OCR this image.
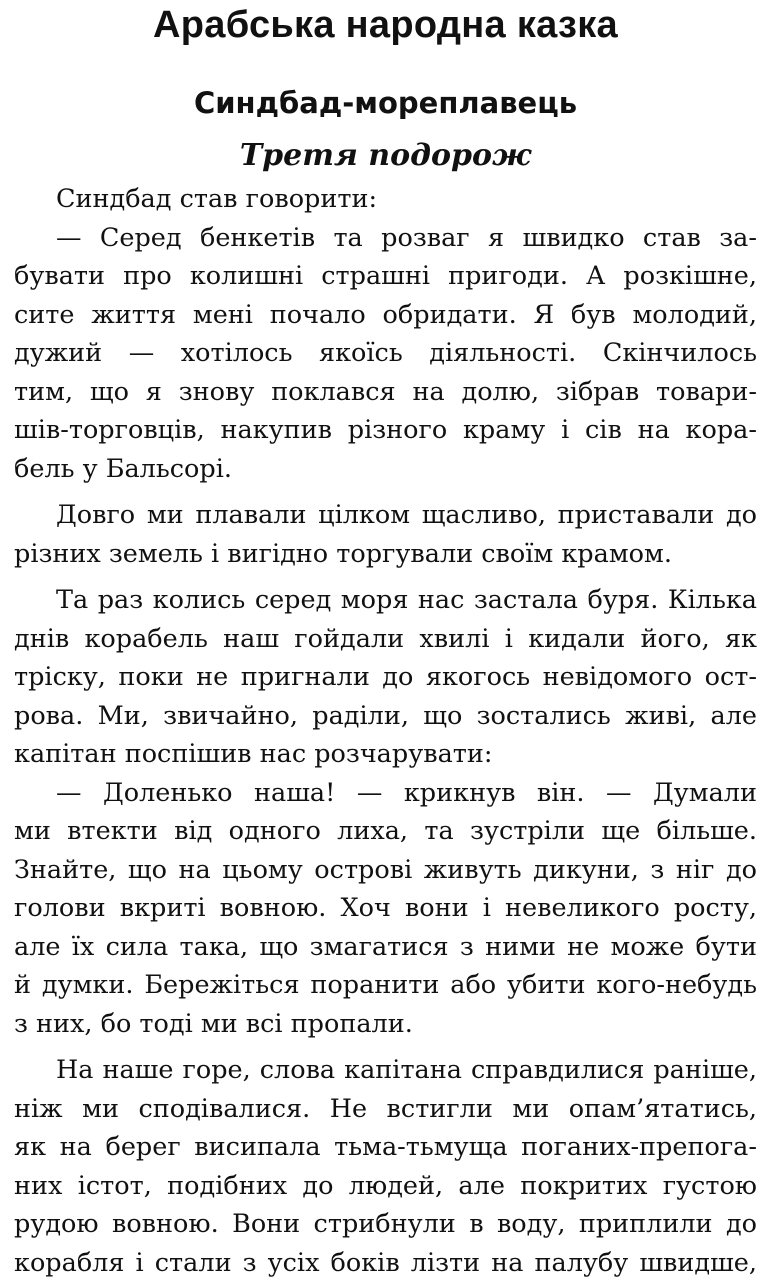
Арабська народна казка
Синдбад-мореплавець
Третя подорож
Синдбад став говорити:
— Серед бенкетів та розваг я швидко став за-
бувати про колишні страшні пригоди. А розкішне,
сите життя мені почало обридати. Я був молодий,
дужий — хотілось якоїсь діяльності. Скінчилось
тим, що я знову поклався на долю, зібрав товари-
шів-торговців, накупив різного краму і сів на кора-
бель у Бальсорі.
Довго ми плавали цілком щасливо, приставали до
різних земель і вигідно торгували своїм крамом.
Та раз колись серед моря нас застала буря. Кілька
днів корабель наш гойдали хвилі і кидали його, як
тріску, поки не пригнали до якогось невідомого ост-
рова. Ми, звичайно, раділи, що зостались живі, але
капітан поспішив нас розчарувати:
— Доленько наша! — крикнув він. — Думали
ми втекти від одного лиха, та зустріли ще більше.
Знайте, що на цьому острові живуть дикуни, з ніг до
голови вкриті вовною. Хоч вони і невеликого росту,
але їх сила така, що змагатися з ними не може бути
й думки. Бережіться поранити або убити кого-небудь
з них, бо тоді ми всі пропали.
На наше горе, слова капітана справдилися раніше,
ніж ми сподівалися. Не встигли ми опам’ятатись,
як на берег висипала тьма-тьмуща поганих-препога-
них істот, подібних до людей, але покритих густою
рудою вовною. Вони стрибнули в воду, приплили до
корабля і стали з усіх боків лізти на палубу швидше,
